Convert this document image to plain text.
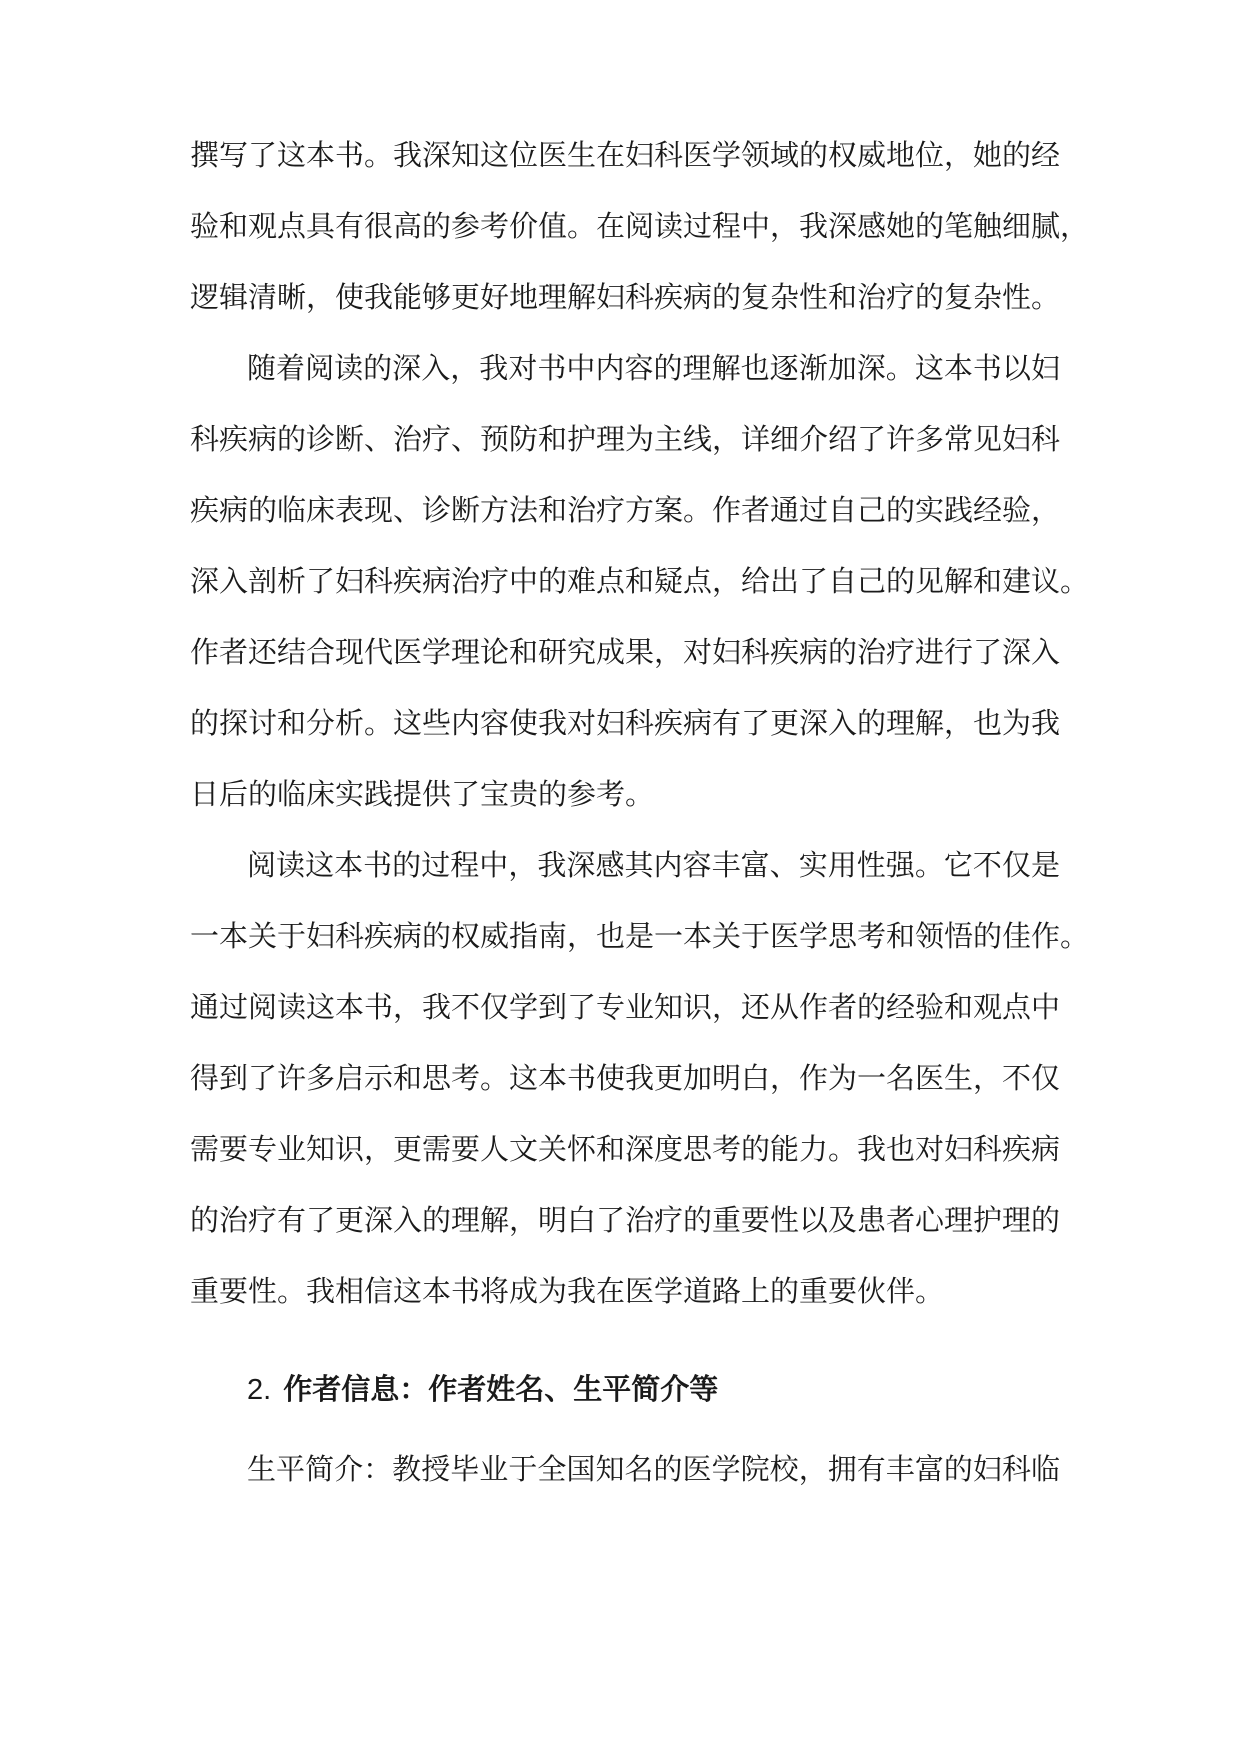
撰写了这本书。我深知这位医生在妇科医学领域的权威地位，她的经
验和观点具有很高的参考价值。在阅读过程中，我深感她的笔触细腻，
逻辑清晰，使我能够更好地理解妇科疾病的复杂性和治疗的复杂性。
随着阅读的深入，我对书中内容的理解也逐渐加深。这本书以妇
科疾病的诊断、治疗、预防和护理为主线，详细介绍了许多常见妇科
疾病的临床表现、诊断方法和治疗方案。作者通过自己的实践经验，
深入剖析了妇科疾病治疗中的难点和疑点，给出了自己的见解和建议。
作者还结合现代医学理论和研究成果，对妇科疾病的治疗进行了深入
的探讨和分析。这些内容使我对妇科疾病有了更深入的理解，也为我
日后的临床实践提供了宝贵的参考。
阅读这本书的过程中，我深感其内容丰富、实用性强。它不仅是
一本关于妇科疾病的权威指南，也是一本关于医学思考和领悟的佳作。
通过阅读这本书，我不仅学到了专业知识，还从作者的经验和观点中
得到了许多启示和思考。这本书使我更加明白，作为一名医生，不仅
需要专业知识，更需要人文关怀和深度思考的能力。我也对妇科疾病
的治疗有了更深入的理解，明白了治疗的重要性以及患者心理护理的
重要性。我相信这本书将成为我在医学道路上的重要伙伴。
2. 作者信息：作者姓名、生平简介等
生平简介：教授毕业于全国知名的医学院校，拥有丰富的妇科临
